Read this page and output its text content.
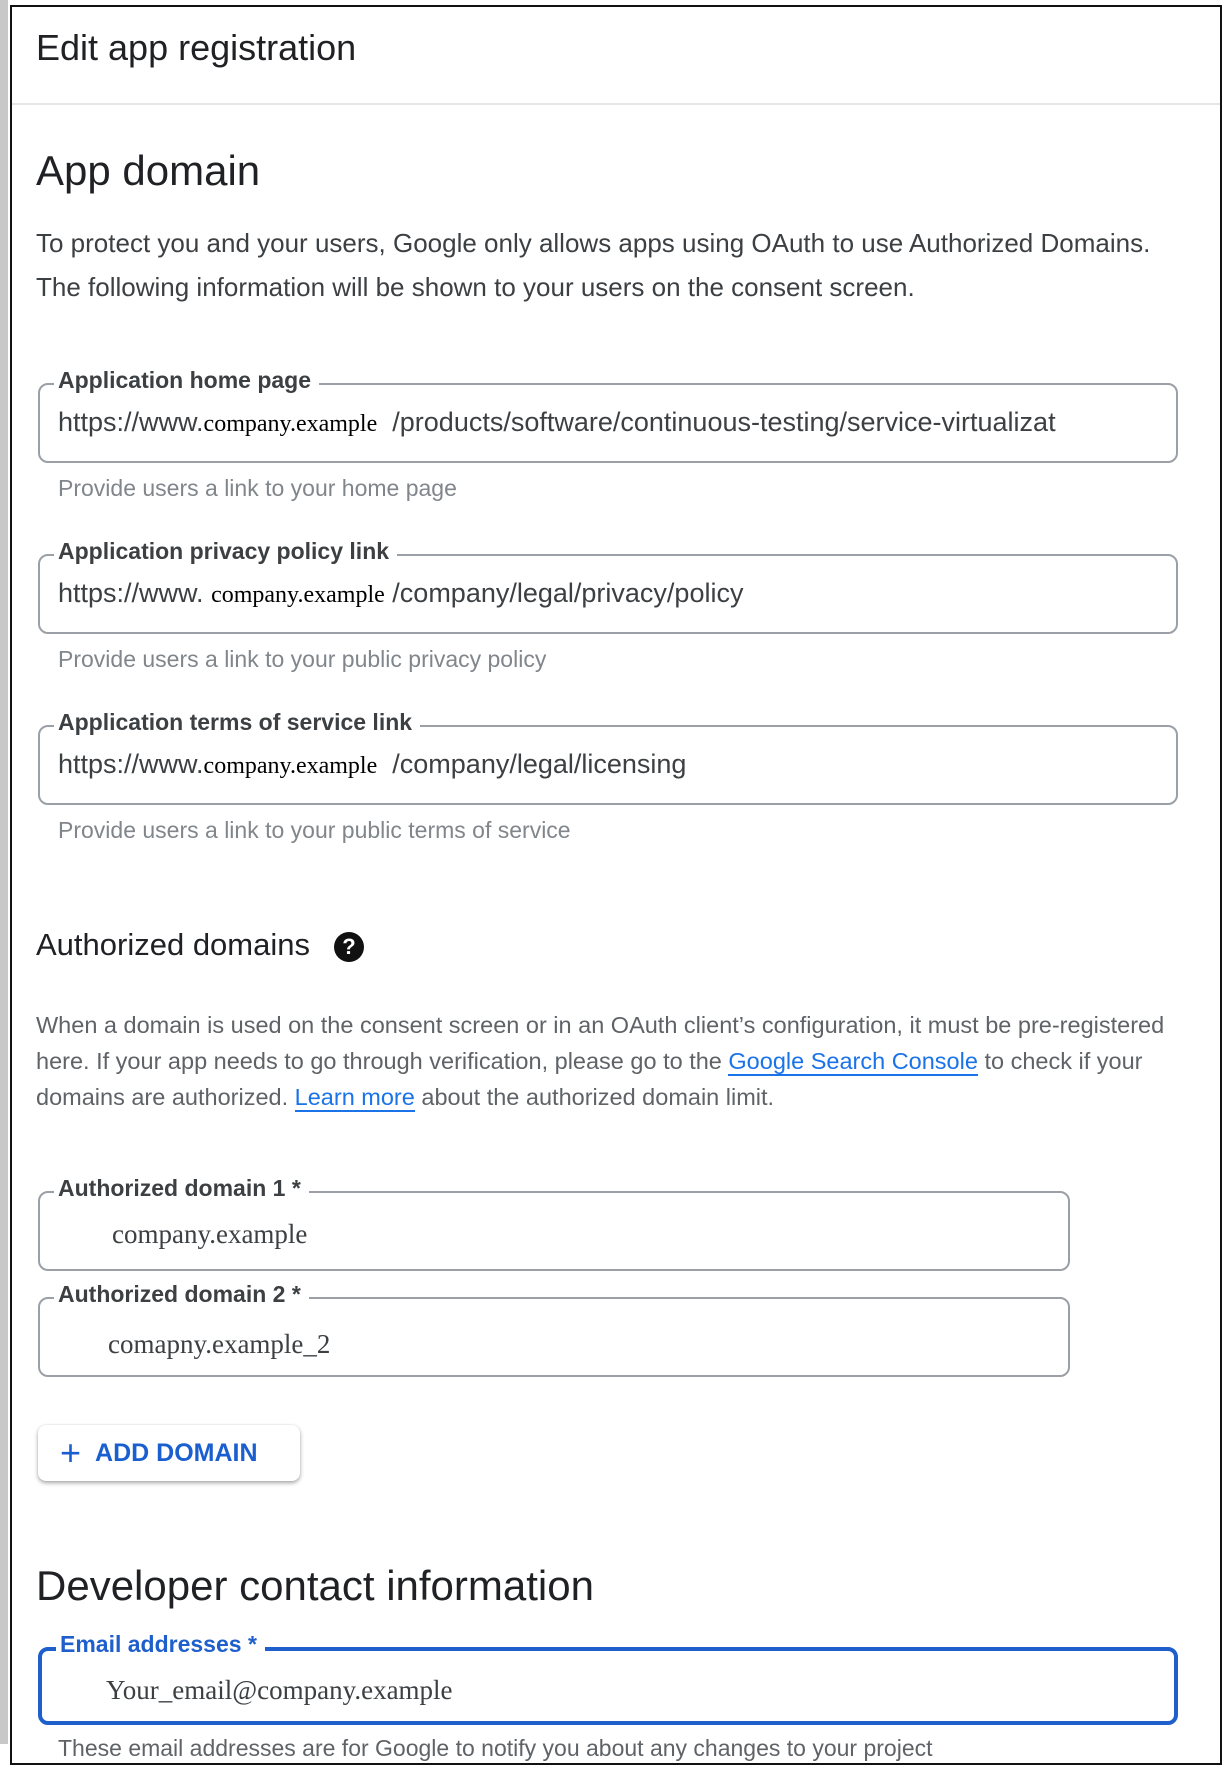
Edit app registration
App domain
To protect you and your users, Google only allows apps using OAuth to use Authorized Domains. The following information will be shown to your users on the consent screen.
Application home page
https://www.company.example /products/software/continuous-testing/service-virtualizat
Provide users a link to your home page
Application privacy policy link
https://www. company.example /company/legal/privacy/policy
Provide users a link to your public privacy policy
Application terms of service link
https://www.company.example /company/legal/licensing
Provide users a link to your public terms of service
Authorized domains ?
When a domain is used on the consent screen or in an OAuth client’s configuration, it must be pre-registered here. If your app needs to go through verification, please go to the Google Search Console to check if your domains are authorized. Learn more about the authorized domain limit.
Authorized domain 1 *
company.example
Authorized domain 2 *
comapny.example_2
+ ADD DOMAIN
Developer contact information
Email addresses *
Your_email@company.example
These email addresses are for Google to notify you about any changes to your project
